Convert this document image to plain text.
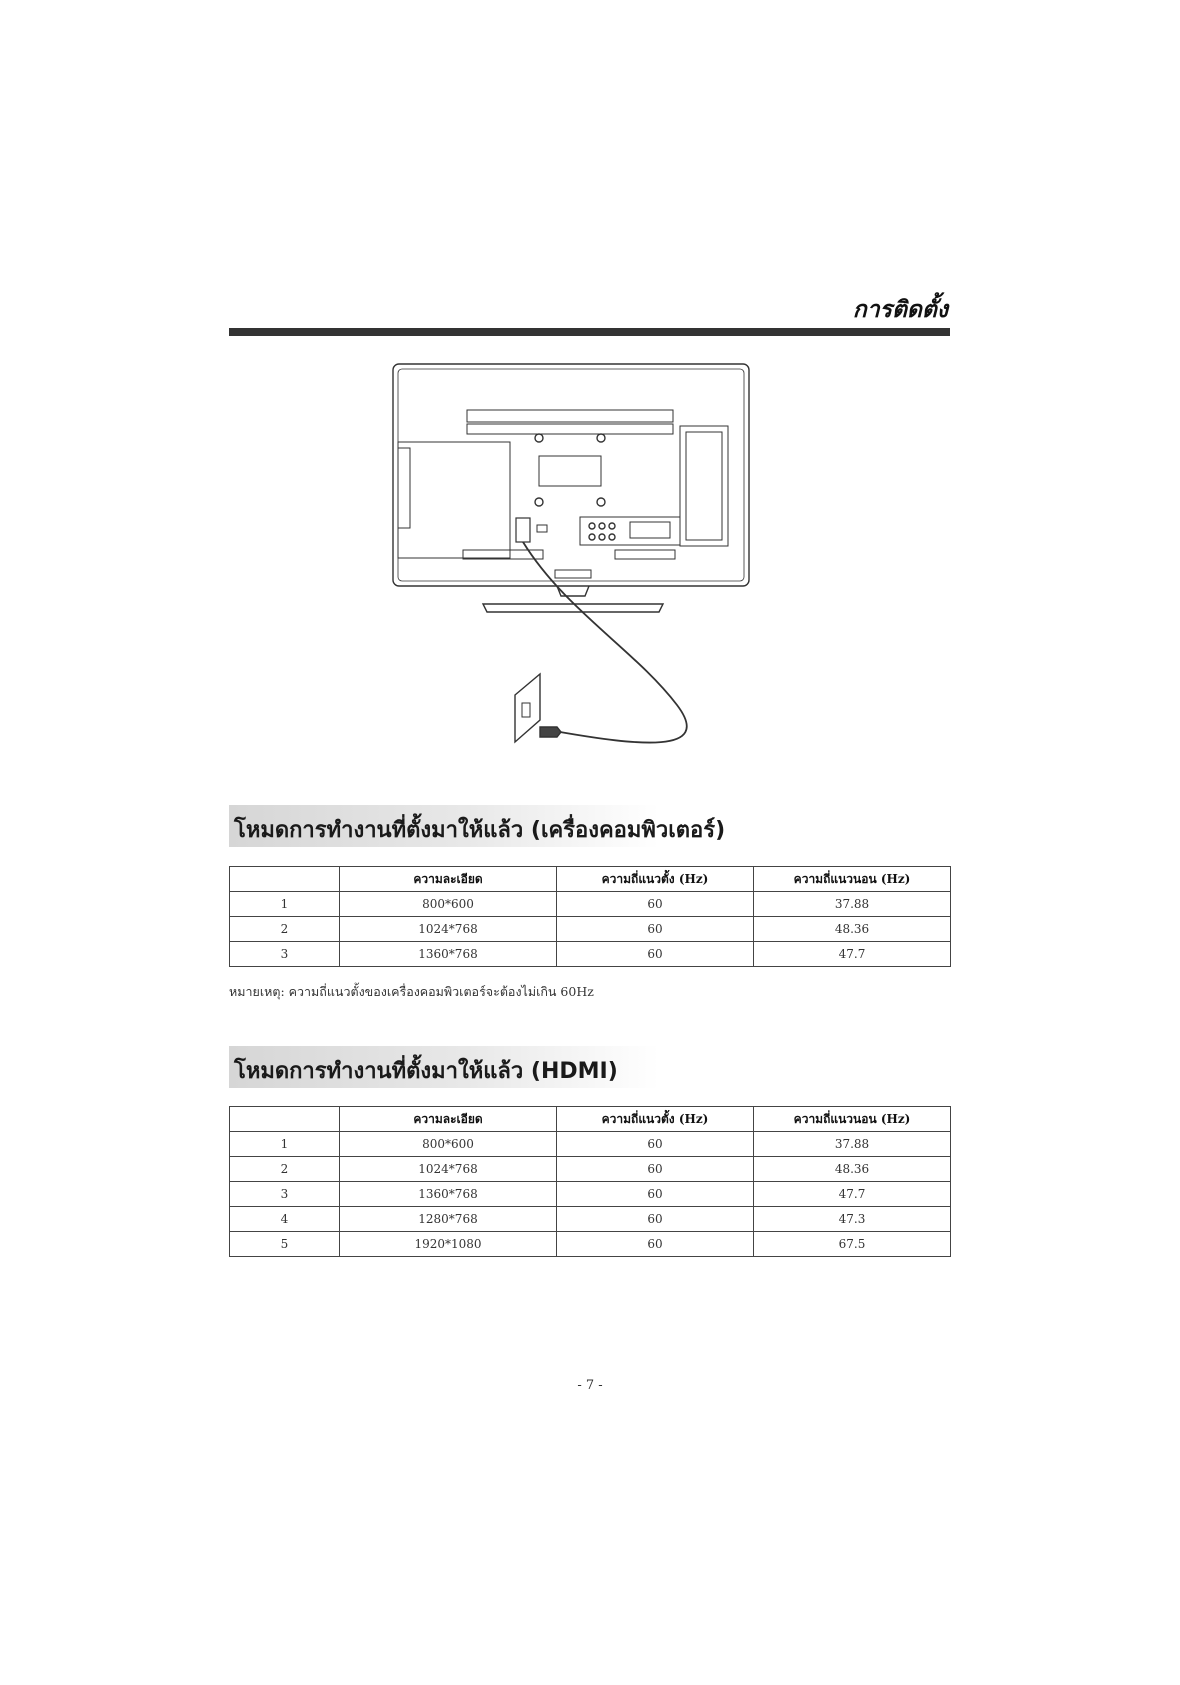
การติดตั้ง
โหมดการทำงานที่ตั้งมาให้แล้ว (เครื่องคอมพิวเตอร์)
	ความละเอียด	ความถี่แนวตั้ง (Hz)	ความถี่แนวนอน (Hz)
1	800*600	60	37.88
2	1024*768	60	48.36
3	1360*768	60	47.7
หมายเหตุ: ความถี่แนวตั้งของเครื่องคอมพิวเตอร์จะต้องไม่เกิน 60Hz
โหมดการทำงานที่ตั้งมาให้แล้ว (HDMI)
	ความละเอียด	ความถี่แนวตั้ง (Hz)	ความถี่แนวนอน (Hz)
1	800*600	60	37.88
2	1024*768	60	48.36
3	1360*768	60	47.7
4	1280*768	60	47.3
5	1920*1080	60	67.5
- 7 -
